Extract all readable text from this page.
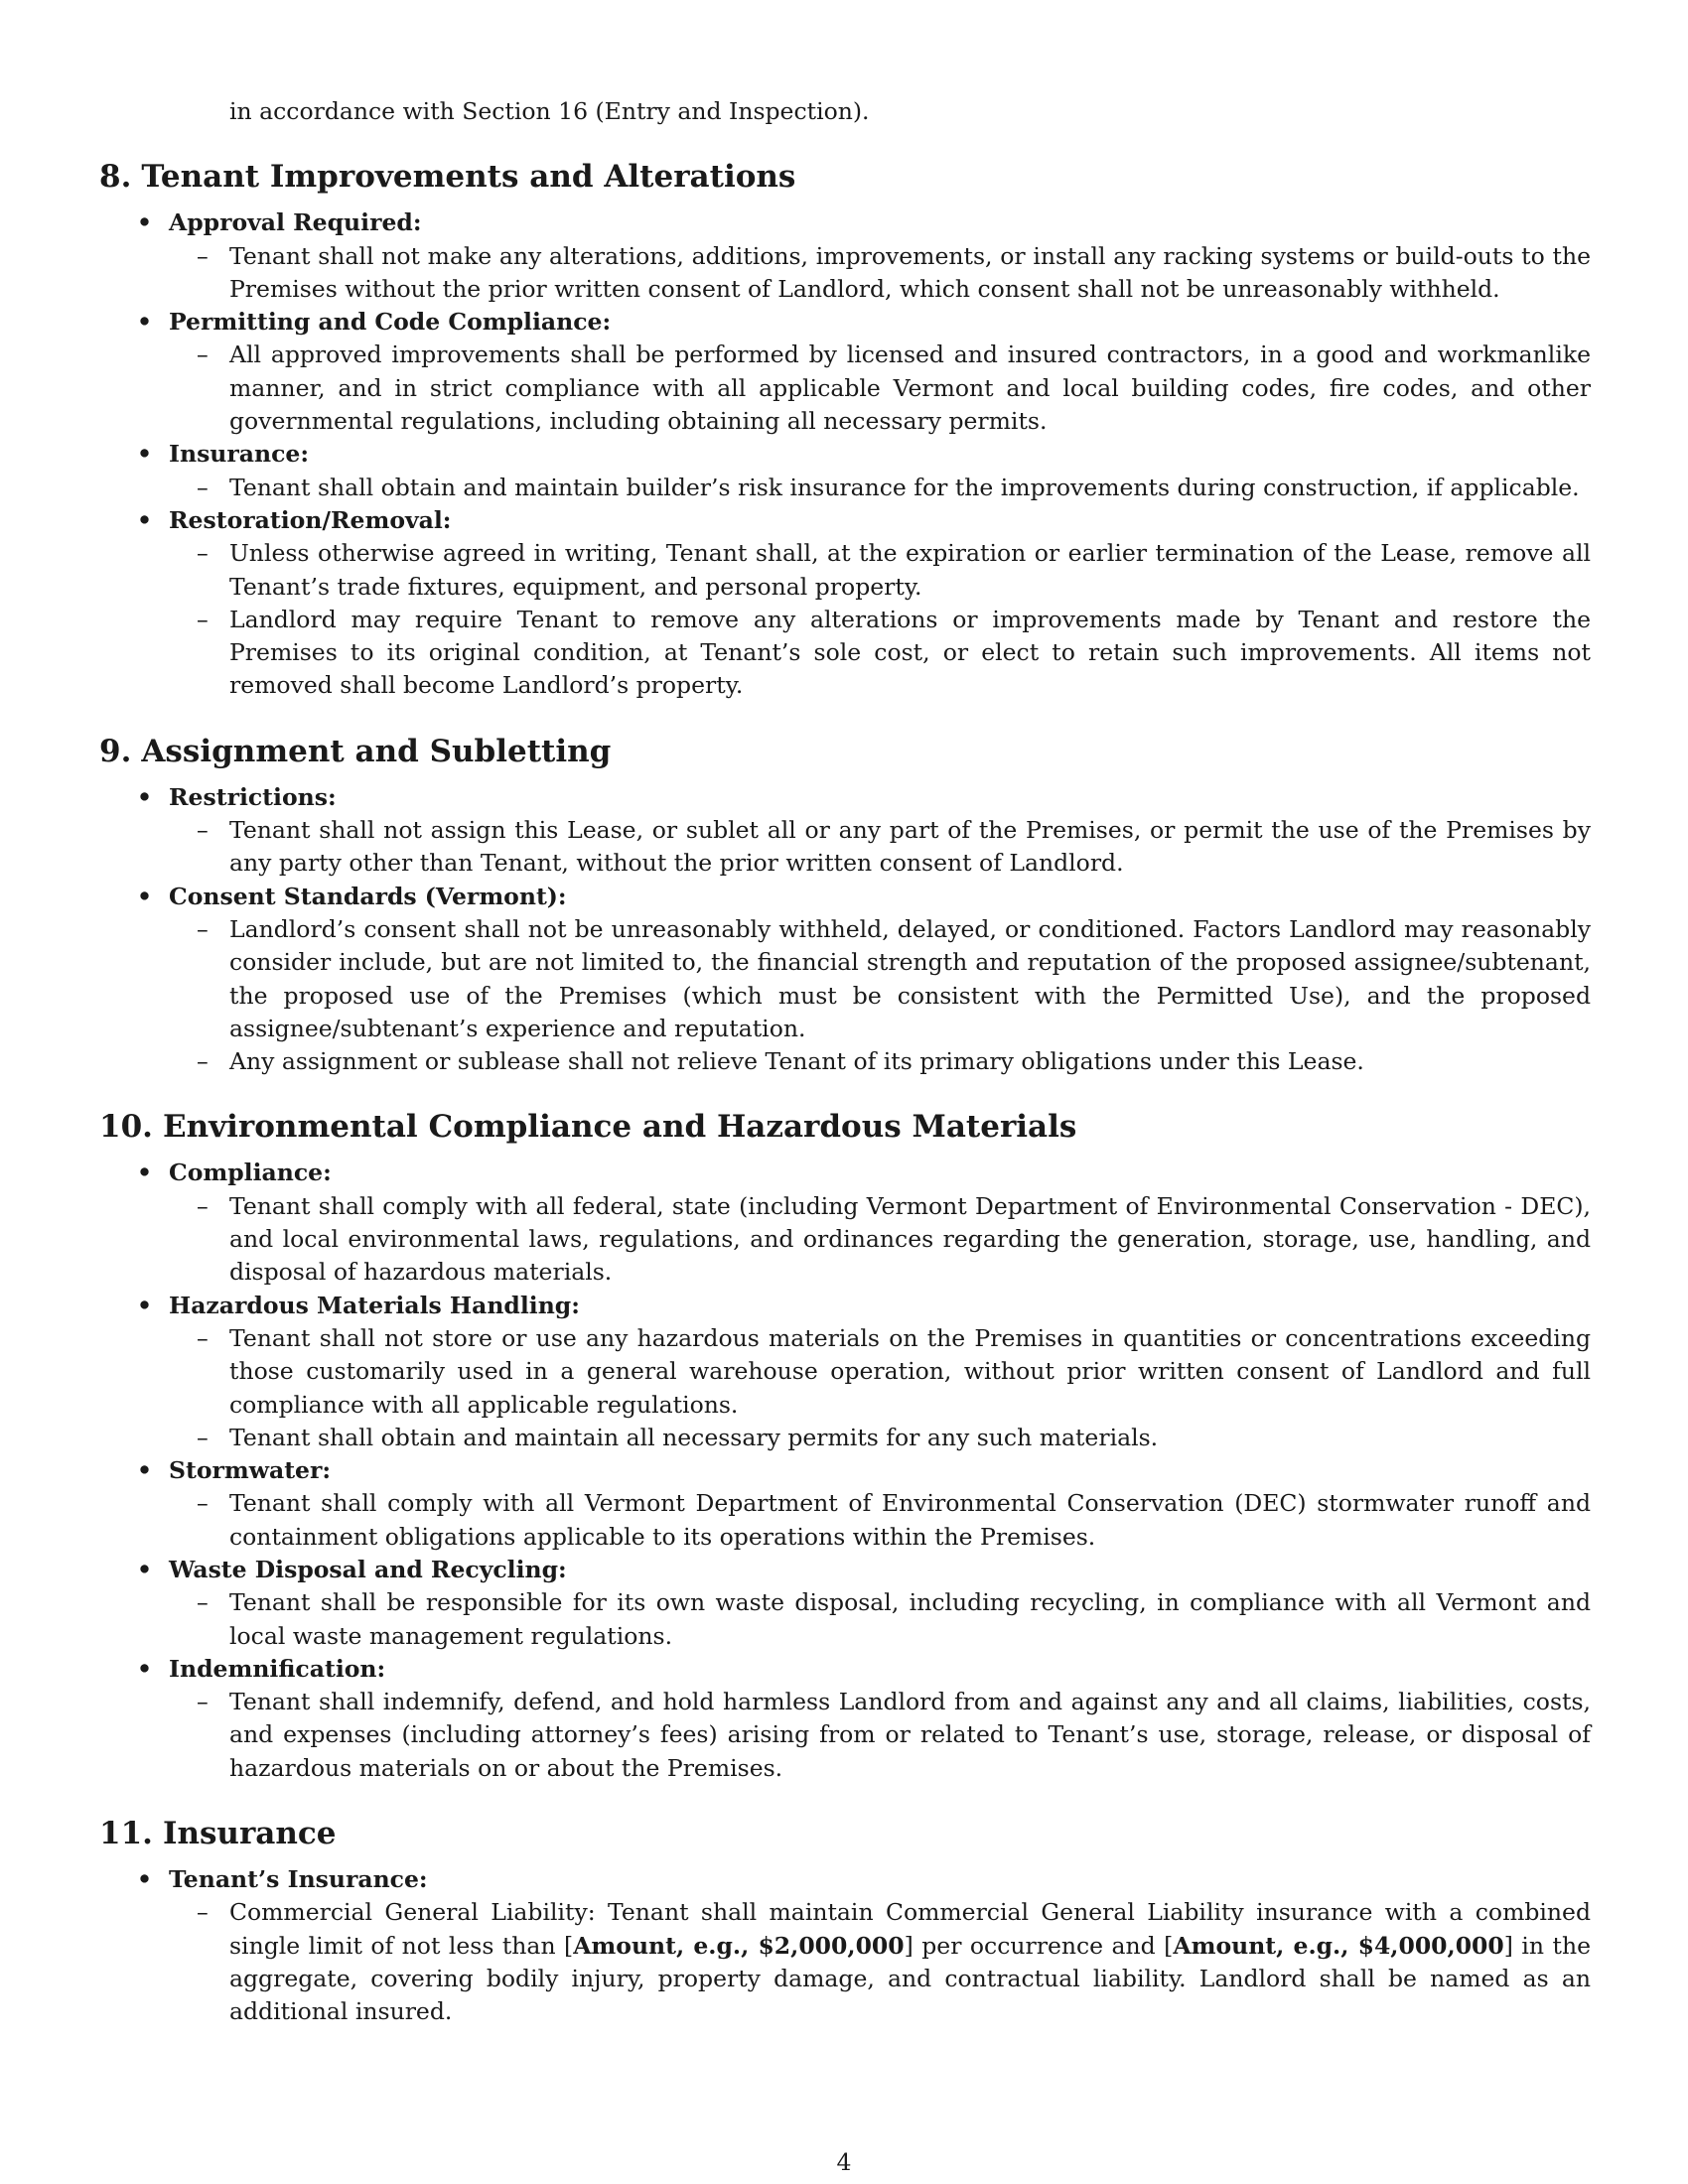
in accordance with Section 16 (Entry and Inspection).
8. Tenant Improvements and Alterations
• Approval Required:
– Tenant shall not make any alterations, additions, improvements, or install any racking systems or build-outs to the Premises without the prior written consent of Landlord, which consent shall not be unreasonably withheld.
• Permitting and Code Compliance:
– All approved improvements shall be performed by licensed and insured contractors, in a good and workmanlike manner, and in strict compliance with all applicable Vermont and local building codes, fire codes, and other governmental regulations, including obtaining all necessary permits.
• Insurance:
– Tenant shall obtain and maintain builder’s risk insurance for the improvements during construction, if applicable.
• Restoration/Removal:
– Unless otherwise agreed in writing, Tenant shall, at the expiration or earlier termination of the Lease, remove all Tenant’s trade fixtures, equipment, and personal property.
– Landlord may require Tenant to remove any alterations or improvements made by Tenant and restore the Premises to its original condition, at Tenant’s sole cost, or elect to retain such improvements. All items not removed shall become Landlord’s property.
9. Assignment and Subletting
• Restrictions:
– Tenant shall not assign this Lease, or sublet all or any part of the Premises, or permit the use of the Premises by any party other than Tenant, without the prior written consent of Landlord.
• Consent Standards (Vermont):
– Landlord’s consent shall not be unreasonably withheld, delayed, or conditioned. Factors Landlord may reasonably consider include, but are not limited to, the financial strength and reputation of the proposed assignee/subtenant, the proposed use of the Premises (which must be consistent with the Permitted Use), and the proposed assignee/subtenant’s experience and reputation.
– Any assignment or sublease shall not relieve Tenant of its primary obligations under this Lease.
10. Environmental Compliance and Hazardous Materials
• Compliance:
– Tenant shall comply with all federal, state (including Vermont Department of Environmental Conservation - DEC), and local environmental laws, regulations, and ordinances regarding the generation, storage, use, handling, and disposal of hazardous materials.
• Hazardous Materials Handling:
– Tenant shall not store or use any hazardous materials on the Premises in quantities or concentrations exceeding those customarily used in a general warehouse operation, without prior written consent of Landlord and full compliance with all applicable regulations.
– Tenant shall obtain and maintain all necessary permits for any such materials.
• Stormwater:
– Tenant shall comply with all Vermont Department of Environmental Conservation (DEC) stormwater runoff and containment obligations applicable to its operations within the Premises.
• Waste Disposal and Recycling:
– Tenant shall be responsible for its own waste disposal, including recycling, in compliance with all Vermont and local waste management regulations.
• Indemnification:
– Tenant shall indemnify, defend, and hold harmless Landlord from and against any and all claims, liabilities, costs, and expenses (including attorney’s fees) arising from or related to Tenant’s use, storage, release, or disposal of hazardous materials on or about the Premises.
11. Insurance
• Tenant’s Insurance:
– Commercial General Liability: Tenant shall maintain Commercial General Liability insurance with a combined single limit of not less than [Amount, e.g., $2,000,000] per occurrence and [Amount, e.g., $4,000,000] in the aggregate, covering bodily injury, property damage, and contractual liability. Landlord shall be named as an additional insured.
4
